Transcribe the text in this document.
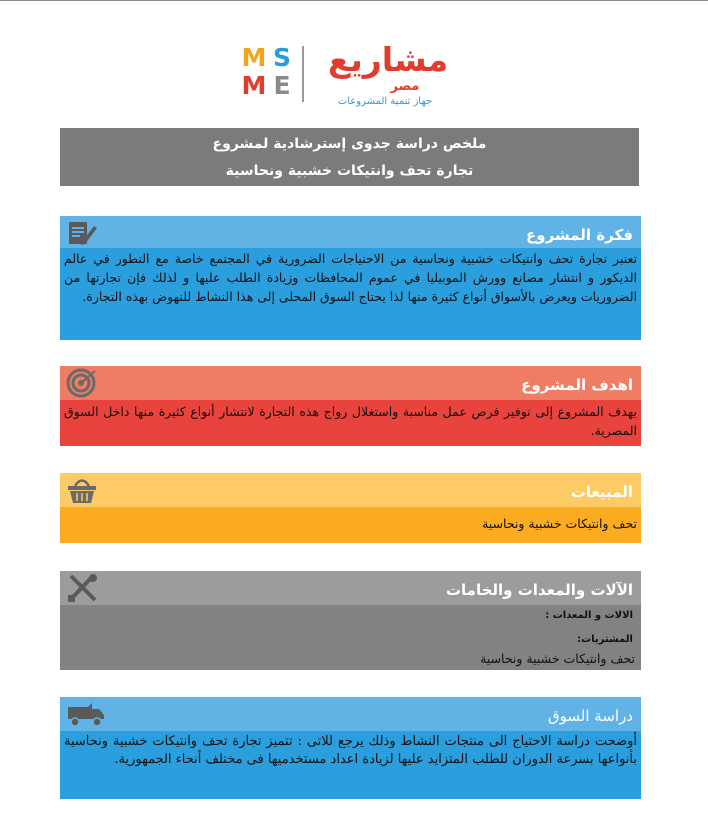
M S
M E
مشاريع
مصر
جهاز تنمية المشروعات
ملخص دراسة جدوى إسترشادية لمشروع
تجارة تحف وانتيكات خشبية ونحاسية
فكرة المشروع
تعتبر تجارة تحف وانتيكات خشبية ونحاسية من الاحتياجات الضرورية في المجتمع خاصة مع التطور في عالم الديكور و انتشار مصانع وورش الموبيليا في عموم المحافظات وزيادة الطلب عليها و لذلك فإن تجارتها من الضروريات ويعرض بالأسواق أنواع كثيرة منها لذا يحتاج السوق المحلى إلى هذا النشاط للنهوض بهذه التجارة.
اهدف المشروع
يهدف المشروع إلى توفير فرص عمل مناسبة واستغلال رواج هذه التجارة لانتشار أنواع كثيرة منها داخل السوق المصرية.
المبيعات
تحف وانتيكات خشبية ونحاسية
الآلات والمعدات والخامات
الالات و المعدات :
المشتريات:
تحف وانتيكات خشبية ونحاسية
دراسة السوق
أوضحت دراسة الاحتياج الى منتجات النشاط وذلك يرجع للاتى : تتميز تجارة تحف وانتيكات خشبية ونحاسية بأنواعها بسرعة الدوران للطلب المتزايد عليها لزيادة اعداد مستخدميها فى مختلف أنحاء الجمهورية.
